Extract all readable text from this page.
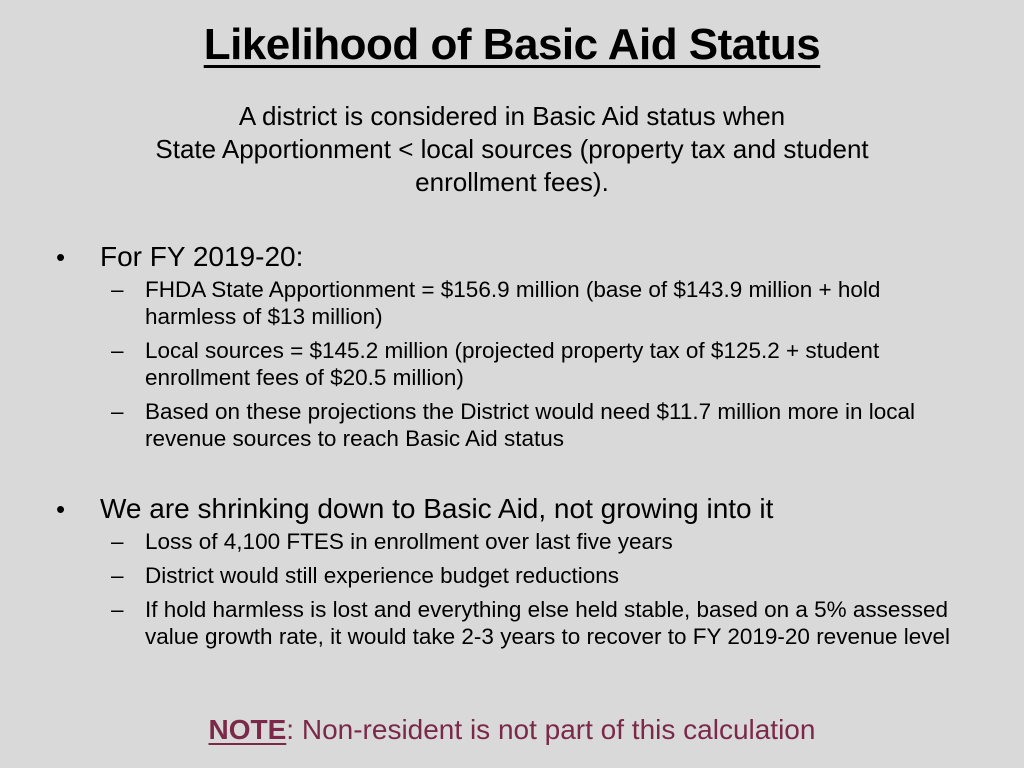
Likelihood of Basic Aid Status
A district is considered in Basic Aid status when
State Apportionment < local sources (property tax and student
enrollment fees).
•	For FY 2019-20:
– FHDA State Apportionment = $156.9 million (base of $143.9 million + hold harmless of $13 million)
– Local sources = $145.2 million (projected property tax of $125.2 + student enrollment fees of $20.5 million)
– Based on these projections the District would need $11.7 million more in local revenue sources to reach Basic Aid status
•	We are shrinking down to Basic Aid, not growing into it
– Loss of 4,100 FTES in enrollment over last five years
– District would still experience budget reductions
– If hold harmless is lost and everything else held stable, based on a 5% assessed value growth rate, it would take 2-3 years to recover to FY 2019-20 revenue level
NOTE: Non-resident is not part of this calculation
